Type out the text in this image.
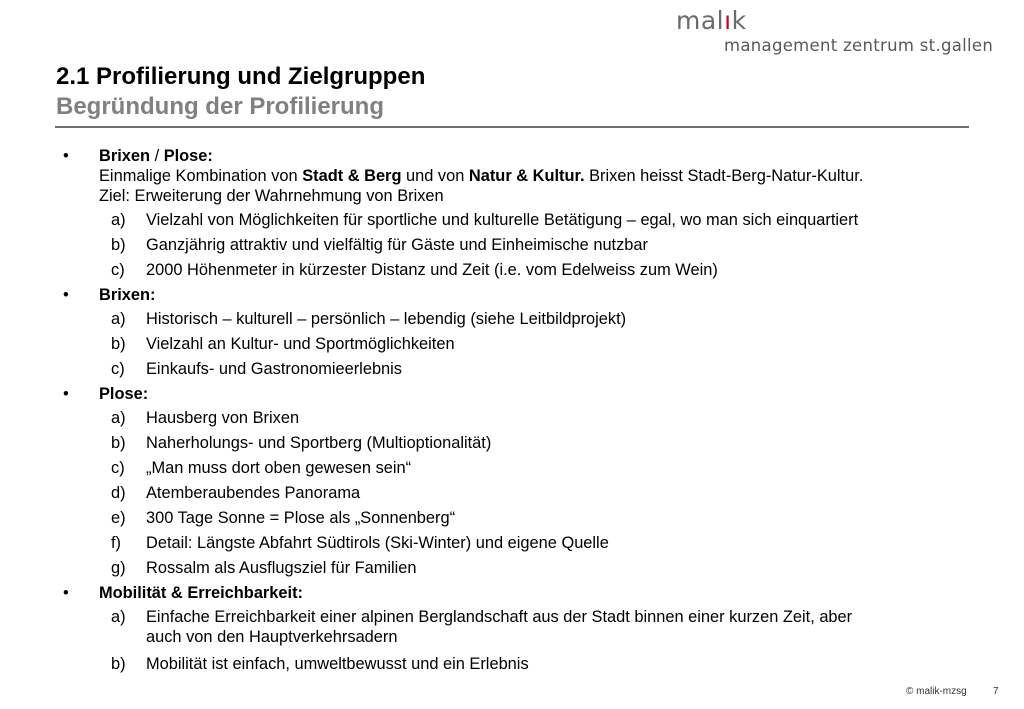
malık
management zentrum st.gallen
2.1 Profilierung und Zielgruppen
Begründung der Profilierung
• Brixen / Plose:
Einmalige Kombination von Stadt & Berg und von Natur & Kultur. Brixen heisst Stadt-Berg-Natur-Kultur.
Ziel: Erweiterung der Wahrnehmung von Brixen
a) Vielzahl von Möglichkeiten für sportliche und kulturelle Betätigung – egal, wo man sich einquartiert
b) Ganzjährig attraktiv und vielfältig für Gäste und Einheimische nutzbar
c) 2000 Höhenmeter in kürzester Distanz und Zeit (i.e. vom Edelweiss zum Wein)
• Brixen:
a) Historisch – kulturell – persönlich – lebendig (siehe Leitbildprojekt)
b) Vielzahl an Kultur- und Sportmöglichkeiten
c) Einkaufs- und Gastronomieerlebnis
• Plose:
a) Hausberg von Brixen
b) Naherholungs- und Sportberg (Multioptionalität)
c) „Man muss dort oben gewesen sein“
d) Atemberaubendes Panorama
e) 300 Tage Sonne = Plose als „Sonnenberg“
f) Detail: Längste Abfahrt Südtirols (Ski-Winter) und eigene Quelle
g) Rossalm als Ausflugsziel für Familien
• Mobilität & Erreichbarkeit:
a) Einfache Erreichbarkeit einer alpinen Berglandschaft aus der Stadt binnen einer kurzen Zeit, aber
auch von den Hauptverkehrsadern
b) Mobilität ist einfach, umweltbewusst und ein Erlebnis
© malik-mzsg	7
